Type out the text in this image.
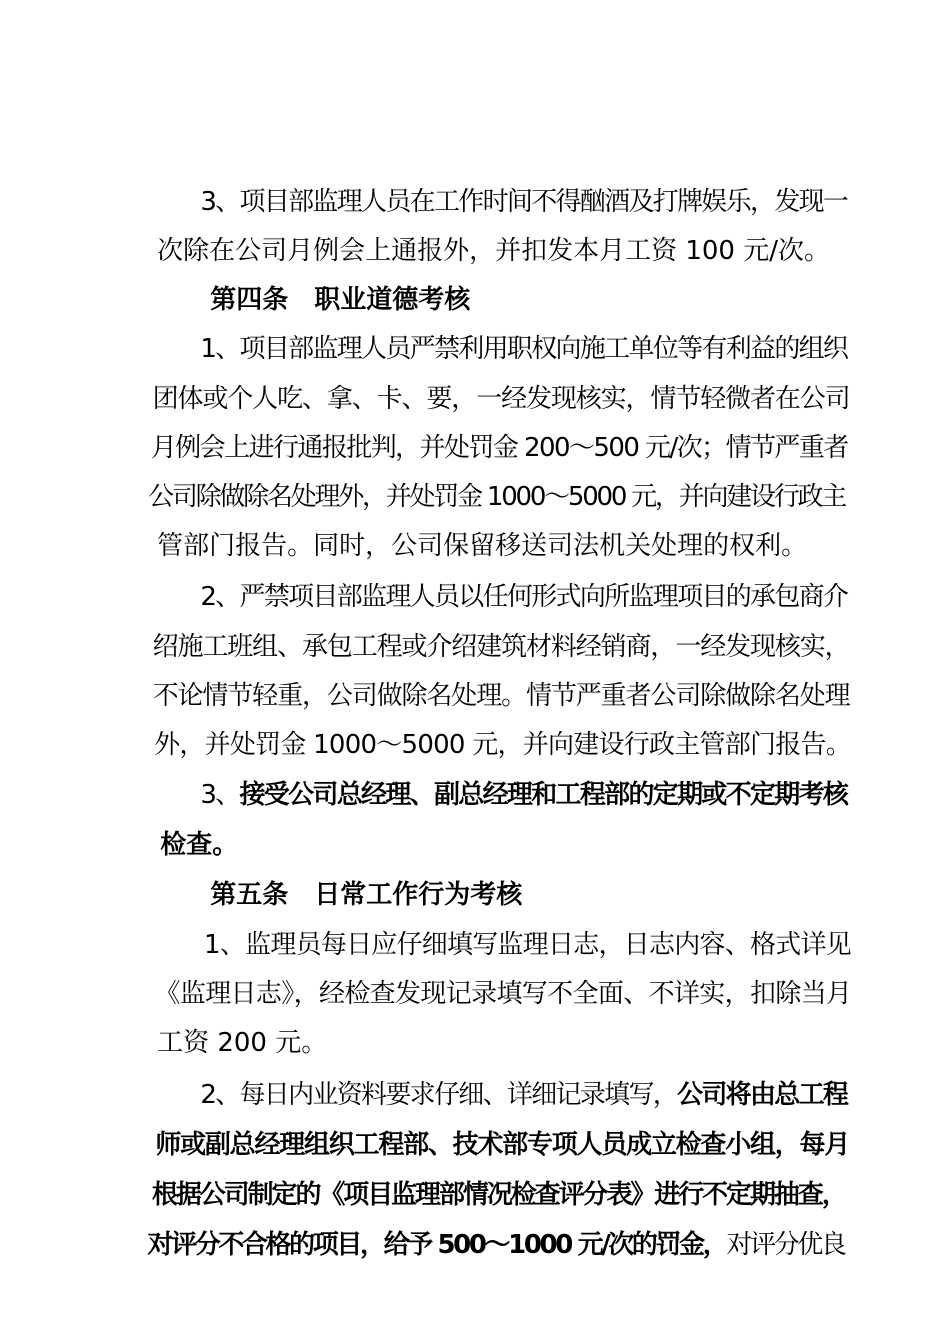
3、项目部监理人员在工作时间不得酗酒及打牌娱乐，发现一

次除在公司月例会上通报外，并扣发本月工资 100 元/次。

第四条　职业道德考核

1、项目部监理人员严禁利用职权向施工单位等有利益的组织

团体或个人吃、拿、卡、要，一经发现核实，情节轻微者在公司

月例会上进行通报批判，并处罚金 200～500 元/次；情节严重者

公司除做除名处理外，并处罚金 1000～5000 元，并向建设行政主

管部门报告。同时，公司保留移送司法机关处理的权利。

2、严禁项目部监理人员以任何形式向所监理项目的承包商介

绍施工班组、承包工程或介绍建筑材料经销商，一经发现核实，

不论情节轻重，公司做除名处理。情节严重者公司除做除名处理

外，并处罚金 1000～5000 元，并向建设行政主管部门报告。

3、接受公司总经理、副总经理和工程部的定期或不定期考核

检查。

第五条　日常工作行为考核

1、监理员每日应仔细填写监理日志，日志内容、格式详见

《监理日志》，经检查发现记录填写不全面、不详实，扣除当月

工资 200 元。

2、每日内业资料要求仔细、详细记录填写，公司将由总工程

师或副总经理组织工程部、技术部专项人员成立检查小组，每月

根据公司制定的《项目监理部情况检查评分表》进行不定期抽查，

对评分不合格的项目，给予 500～1000 元/次的罚金，对评分优良
